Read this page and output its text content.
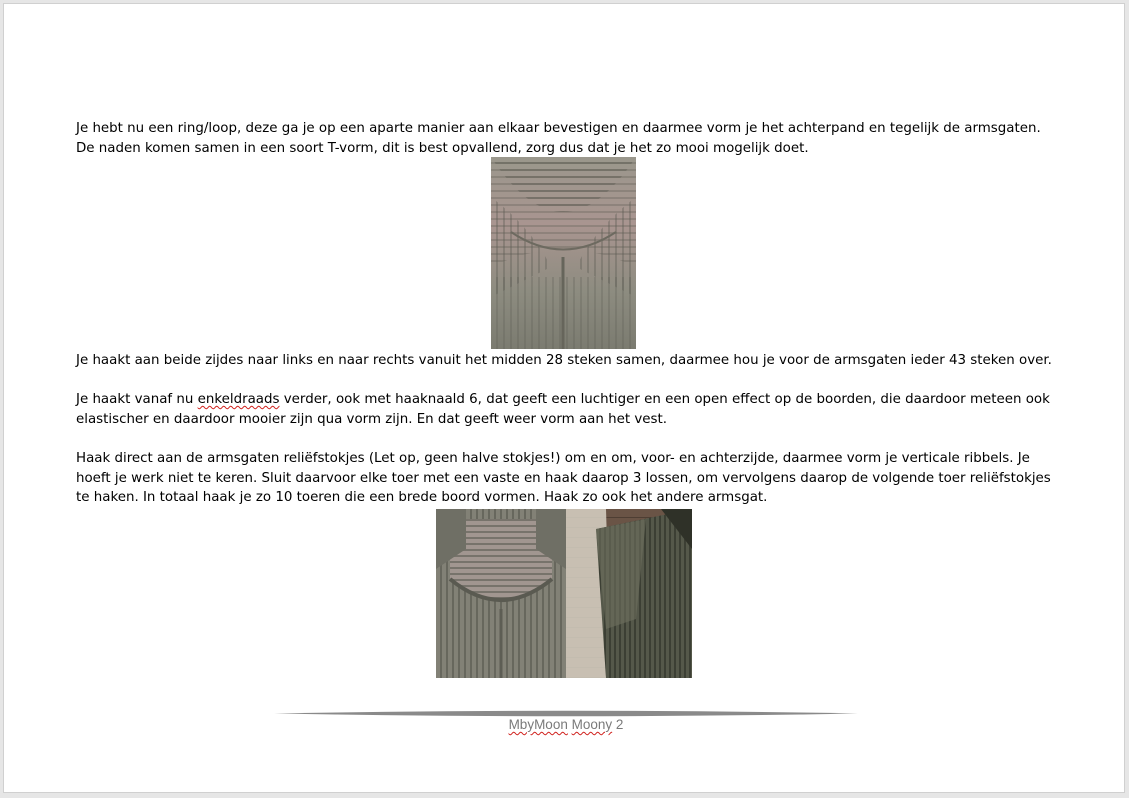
Je hebt nu een ring/loop, deze ga je op een aparte manier aan elkaar bevestigen en daarmee vorm je het achterpand en tegelijk de armsgaten. De naden komen samen in een soort T-vorm, dit is best opvallend, zorg dus dat je het zo mooi mogelijk doet.

Je haakt aan beide zijdes naar links en naar rechts vanuit het midden 28 steken samen, daarmee hou je voor de armsgaten ieder 43 steken over.

Je haakt vanaf nu enkeldraads verder, ook met haaknaald 6, dat geeft een luchtiger en een open effect op de boorden, die daardoor meteen ook elastischer en daardoor mooier zijn qua vorm zijn. En dat geeft weer vorm aan het vest.

Haak direct aan de armsgaten reliëfstokjes (Let op, geen halve stokjes!) om en om, voor- en achterzijde, daarmee vorm je verticale ribbels. Je hoeft je werk niet te keren. Sluit daarvoor elke toer met een vaste en haak daarop 3 lossen, om vervolgens daarop de volgende toer reliëfstokjes te haken. In totaal haak je zo 10 toeren die een brede boord vormen. Haak zo ook het andere armsgat.

MbyMoon Moony 2
